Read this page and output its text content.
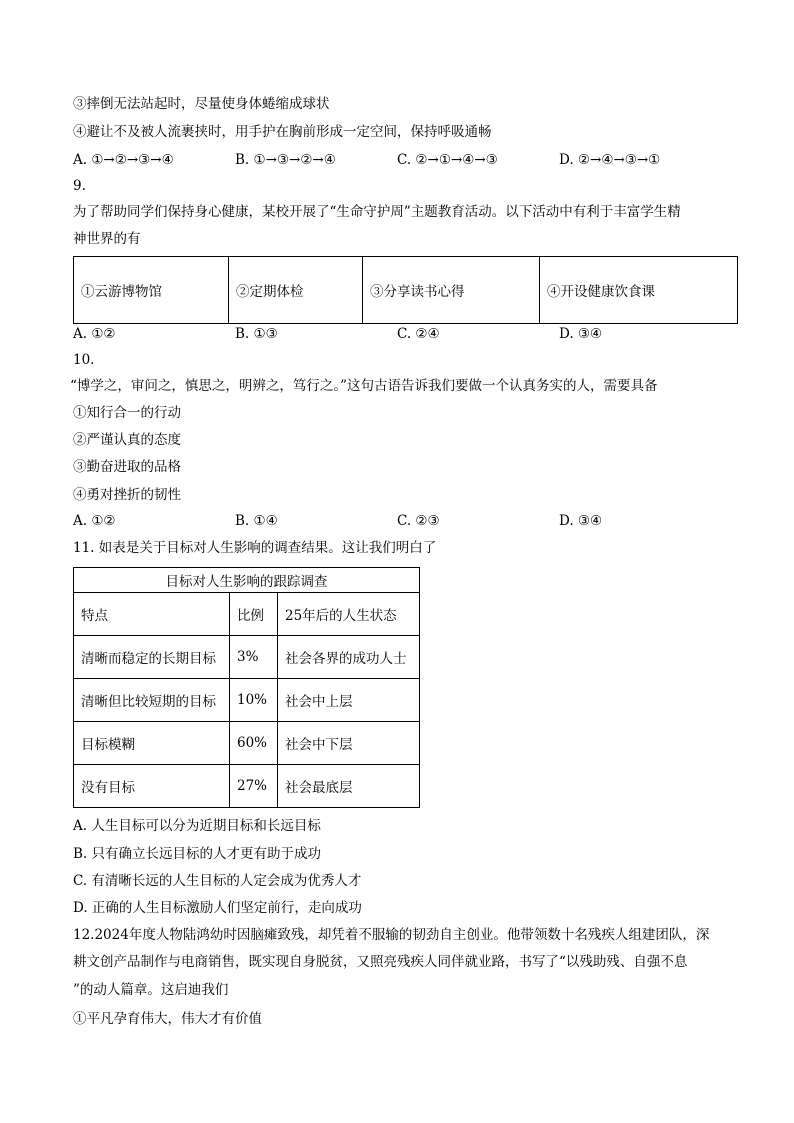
③摔倒无法站起时，尽量使身体蜷缩成球状
④避让不及被人流裹挟时，用手护在胸前形成一定空间，保持呼吸通畅
A. ①→②→③→④	B. ①→③→②→④	C. ②→①→④→③	D. ②→④→③→①
9.
为了帮助同学们保持身心健康，某校开展了“生命守护周”主题教育活动。以下活动中有利于丰富学生精
神世界的有
①云游博物馆	②定期体检	③分享读书心得	④开设健康饮食课
A. ①②	B. ①③	C. ②④	D. ③④
10.
“博学之，审问之，慎思之，明辨之，笃行之。”这句古语告诉我们要做一个认真务实的人，需要具备
①知行合一的行动
②严谨认真的态度
③勤奋进取的品格
④勇对挫折的韧性
A. ①②	B. ①④	C. ②③	D. ③④
11. 如表是关于目标对人生影响的调查结果。这让我们明白了
目标对人生影响的跟踪调查		
特点	比例	25年后的人生状态
清晰而稳定的长期目标	3%	社会各界的成功人士
清晰但比较短期的目标	10%	社会中上层
目标模糊	60%	社会中下层
没有目标	27%	社会最底层
A. 人生目标可以分为近期目标和长远目标
B. 只有确立长远目标的人才更有助于成功
C. 有清晰长远的人生目标的人定会成为优秀人才
D. 正确的人生目标激励人们坚定前行，走向成功
12.2024年度人物陆鸿幼时因脑瘫致残，却凭着不服输的韧劲自主创业。他带领数十名残疾人组建团队，深
耕文创产品制作与电商销售，既实现自身脱贫，又照亮残疾人同伴就业路，书写了“以残助残、自强不息
”的动人篇章。这启迪我们
①平凡孕育伟大，伟大才有价值
